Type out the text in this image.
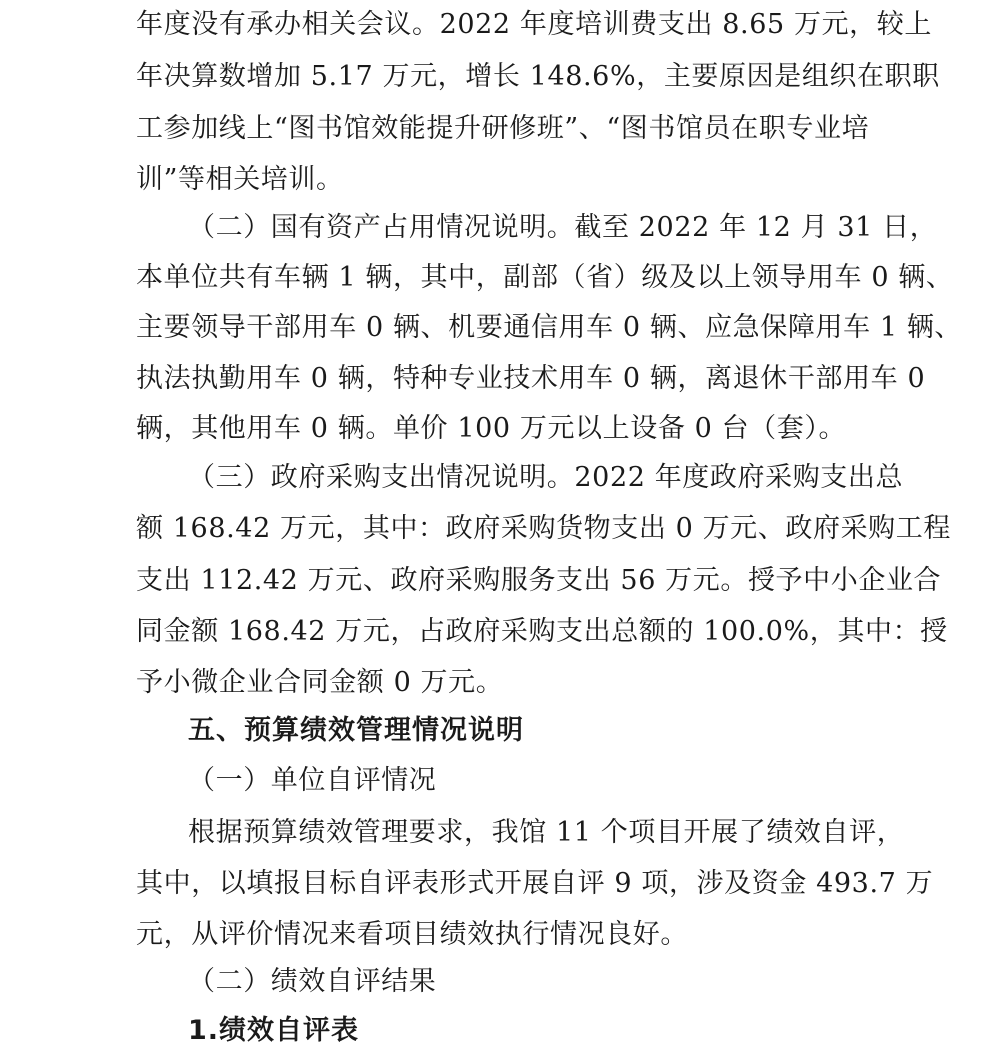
年度没有承办相关会议。2022 年度培训费支出 8.65 万元，较上
年决算数增加 5.17 万元，增长 148.6%，主要原因是组织在职职
工参加线上“图书馆效能提升研修班”、“图书馆员在职专业培
训”等相关培训。
（二）国有资产占用情况说明。截至 2022 年 12 月 31 日，
本单位共有车辆 1 辆，其中，副部（省）级及以上领导用车 0 辆、
主要领导干部用车 0 辆、机要通信用车 0 辆、应急保障用车 1 辆、
执法执勤用车 0 辆，特种专业技术用车 0 辆，离退休干部用车 0
辆，其他用车 0 辆。单价 100 万元以上设备 0 台（套）。
（三）政府采购支出情况说明。2022 年度政府采购支出总
额 168.42 万元，其中：政府采购货物支出 0 万元、政府采购工程
支出 112.42 万元、政府采购服务支出 56 万元。授予中小企业合
同金额 168.42 万元，占政府采购支出总额的 100.0%，其中：授
予小微企业合同金额 0 万元。
五、预算绩效管理情况说明
（一）单位自评情况
根据预算绩效管理要求，我馆 11 个项目开展了绩效自评，
其中，以填报目标自评表形式开展自评 9 项，涉及资金 493.7 万
元，从评价情况来看项目绩效执行情况良好。
（二）绩效自评结果
1.绩效自评表
